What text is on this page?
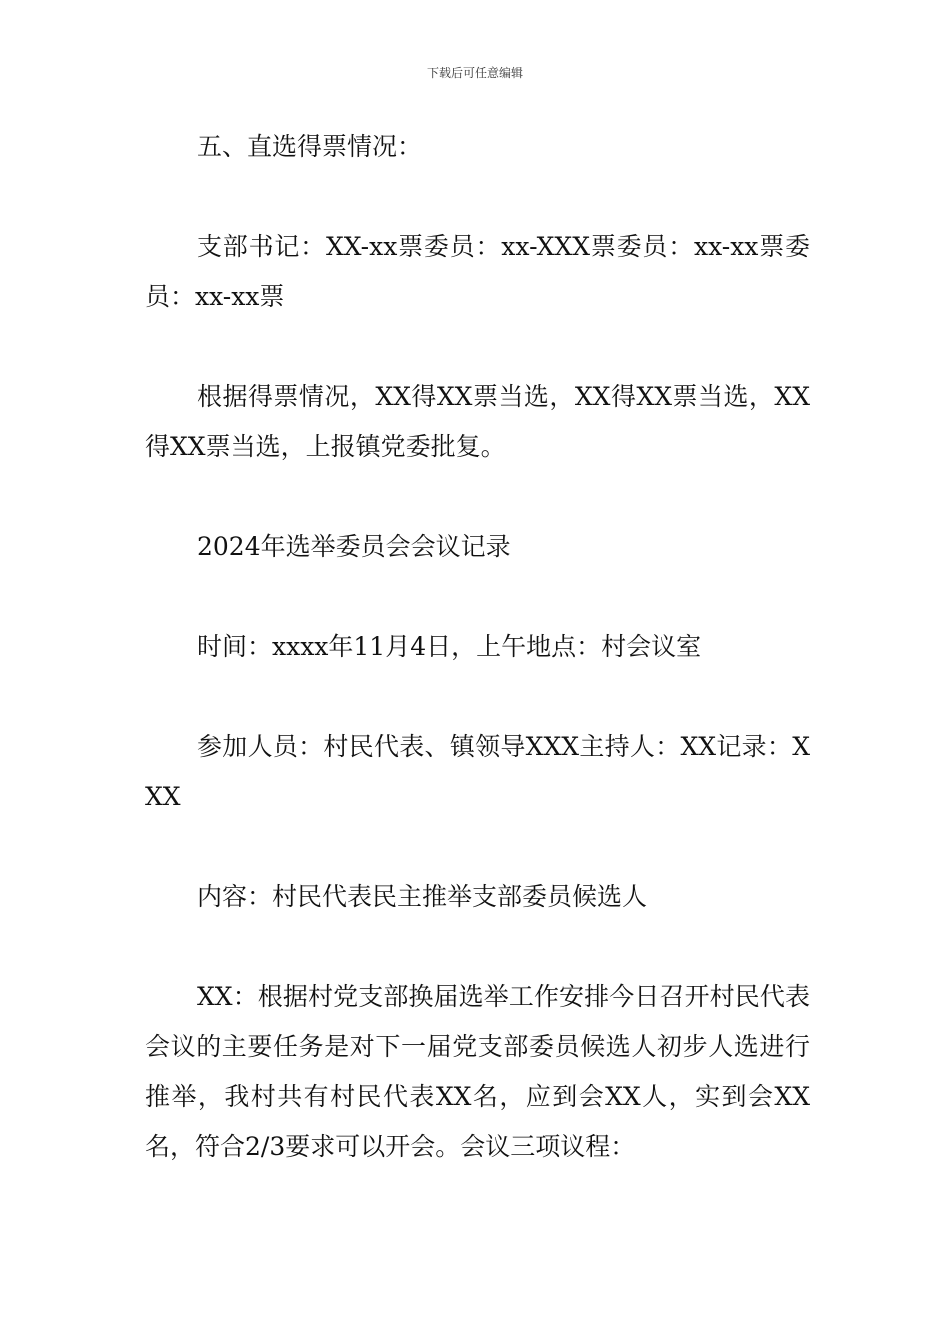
下载后可任意编辑

五、直选得票情况：

支部书记：XX-xx票委员：xx-XXX票委员：xx-xx票委员：xx-xx票

根据得票情况，XX得XX票当选，XX得XX票当选，XX得XX票当选，上报镇党委批复。

2024年选举委员会会议记录

时间：xxxx年11月4日，上午地点：村会议室

参加人员：村民代表、镇领导XXX主持人：XX记录：XXX

内容：村民代表民主推举支部委员候选人

XX：根据村党支部换届选举工作安排今日召开村民代表会议的主要任务是对下一届党支部委员候选人初步人选进行推举，我村共有村民代表XX名，应到会XX人，实到会XX名，符合2/3要求可以开会。会议三项议程：
